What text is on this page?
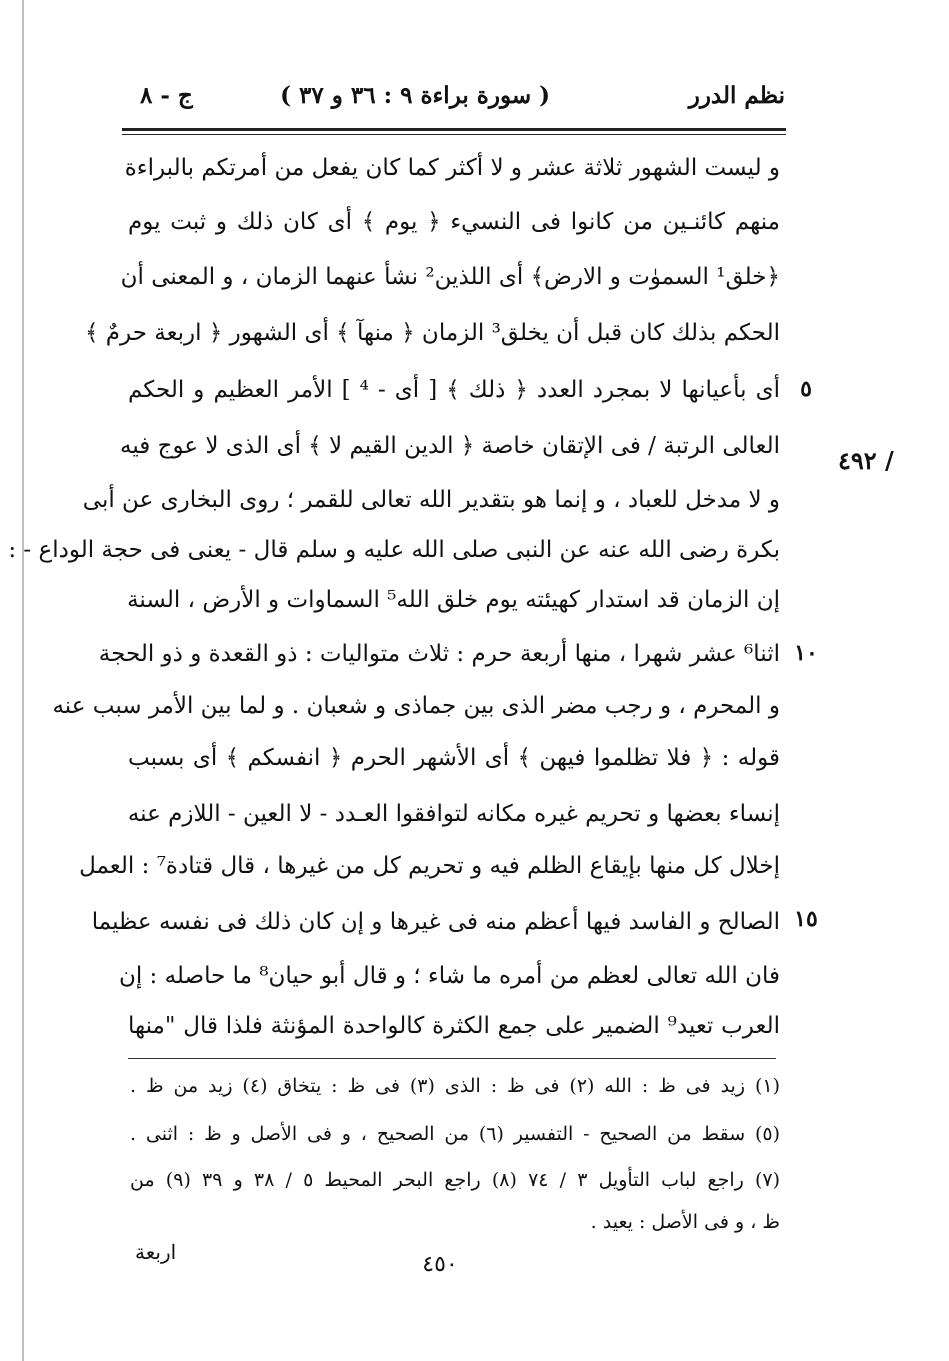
نظم الدرر
( سورة براءة ٩ : ٣٦ و ٣٧ )
ج - ٨
/ ٤٩٢
٥
١٠
١٥
و ليست الشهور ثلاثة عشر و لا أكثر كما كان يفعل من أمرتكم بالبراءة
منهم كائنـين من كانوا فى النسيء ﴿ يوم ﴾ أى كان ذلك و ثبت يوم
﴿خلق¹ السموٰت و الارض﴾ أى اللذين² نشأ عنهما الزمان ، و المعنى أن
الحكم بذلك كان قبل أن يخلق³ الزمان ﴿ منهآ ﴾ أى الشهور ﴿ اربعة حرمٌ ﴾
أى بأعيانها لا بمجرد العدد ﴿ ذلك ﴾ [ أى - ⁴ ] الأمر العظيم و الحكم
العالى الرتبة / فى الإتقان خاصة ﴿ الدين القيم لا ﴾ أى الذى لا عوج فيه
و لا مدخل للعباد ، و إنما هو بتقدير الله تعالى للقمر ؛ روى البخارى عن أبى
بكرة رضى الله عنه عن النبى صلى الله عليه و سلم قال - يعنى فى حجة الوداع - :
إن الزمان قد استدار كهيئته يوم خلق الله⁵ السماوات و الأرض ، السنة
اثنا⁶ عشر شهرا ، منها أربعة حرم : ثلاث متواليات : ذو القعدة و ذو الحجة
و المحرم ، و رجب مضر الذى بين جماذى و شعبان . و لما بين الأمر سبب عنه
قوله : ﴿ فلا تظلموا فيهن ﴾ أى الأشهر الحرم ﴿ انفسكم ﴾ أى بسبب
إنساء بعضها و تحريم غيره مكانه لتوافقوا العـدد - لا العين - اللازم عنه
إخلال كل منها بإيقاع الظلم فيه و تحريم كل من غيرها ، قال قتادة⁷ : العمل
الصالح و الفاسد فيها أعظم منه فى غيرها و إن كان ذلك فى نفسه عظيما
فان الله تعالى لعظم من أمره ما شاء ؛ و قال أبو حيان⁸ ما حاصله : إن
العرب تعيد⁹ الضمير على جمع الكثرة كالواحدة المؤنثة فلذا قال "منها
(١) زيد فى ظ : الله (٢) فى ظ : الذى (٣) فى ظ : يتخاق (٤) زيد من ظ .
(٥) سقط من الصحيح - التفسير (٦) من الصحيح ، و فى الأصل و ظ : اثنى .
(٧) راجع لباب التأويل ٣ / ٧٤ (٨) راجع البحر المحيط ٥ / ٣٨ و ٣٩ (٩) من
ظ ، و فى الأصل : يعيد .
اربعة	٤٥٠
